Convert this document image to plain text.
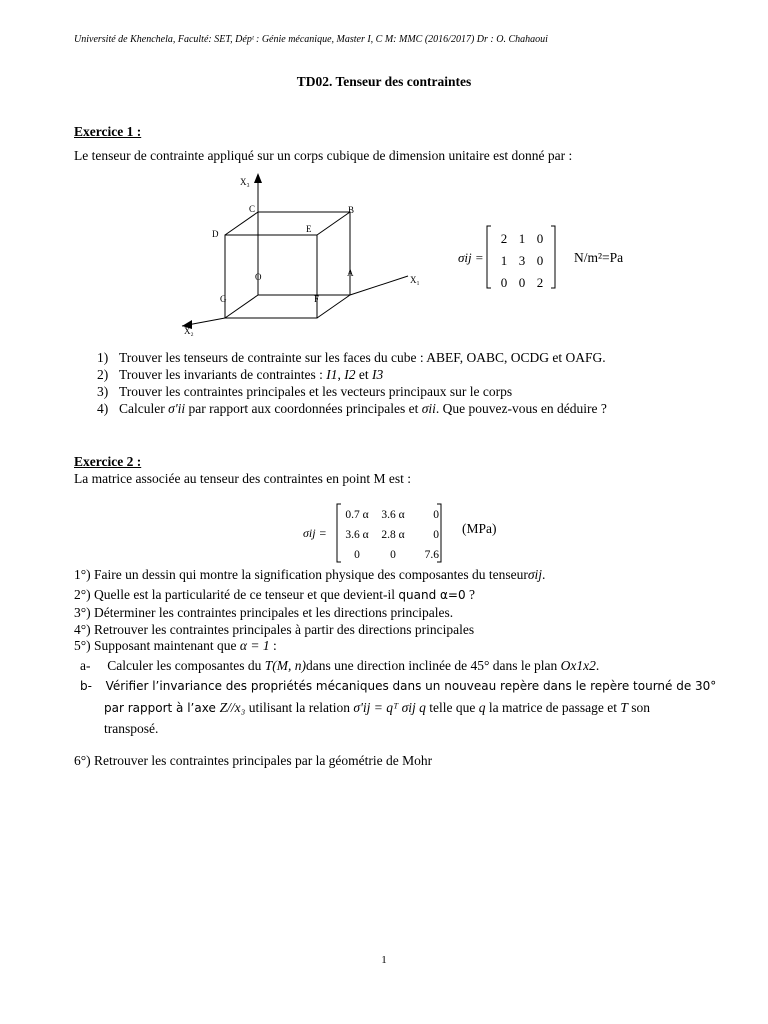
Université de Khenchela, Faculté: SET, Dépᵗ : Génie mécanique, Master I, C M: MMC (2016/2017) Dr : O. Chahaoui
TD02. Tenseur des contraintes
Exercice 1 :
Le tenseur de contrainte appliqué sur un corps cubique de dimension unitaire est donné par :
X₃
X₁
X₂
C	B
D	E
O	A
G	F
σij =
2 1 0
1 3 0
0 0 2
N/m²=Pa
1) Trouver les tenseurs de contrainte sur les faces du cube : ABEF, OABC, OCDG et OAFG.
2) Trouver les invariants de contraintes : I1, I2 et I3
3) Trouver les contraintes principales et les vecteurs principaux sur le corps
4) Calculer σ'ii par rapport aux coordonnées principales et σii. Que pouvez-vous en déduire ?
Exercice 2 :
La matrice associée au tenseur des contraintes en point M est :
σij =
0.7 α	3.6 α	0
3.6 α	2.8 α	0
0	0	7.6
(MPa)
1°) Faire un dessin qui montre la signification physique des composantes du tenseurσij.
2°) Quelle est la particularité de ce tenseur et que devient-il quand α=0 ?
3°) Déterminer les contraintes principales et les directions principales.
4°) Retrouver les contraintes principales à partir des directions principales
5°) Supposant maintenant que α = 1 :
a- Calculer les composantes du T(M, n)dans une direction inclinée de 45° dans le plan Ox1x2.
b- Vérifier l’invariance des propriétés mécaniques dans un nouveau repère dans le repère tourné de 30°
par rapport à l’axe Z//x₃ utilisant la relation σ'ij = qᵀ σij q telle que q la matrice de passage et T son
transposé.
6°) Retrouver les contraintes principales par la géométrie de Mohr
1
